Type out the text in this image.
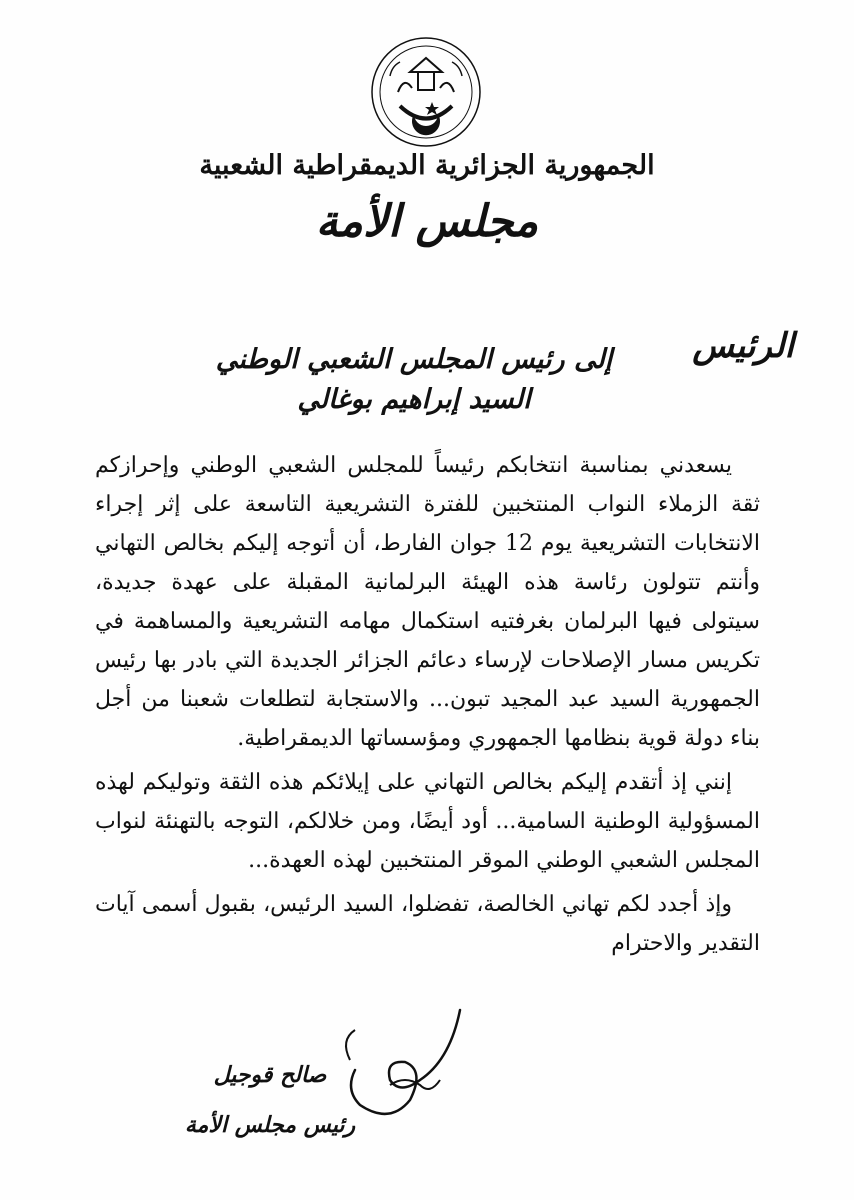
الجمهورية الجزائرية الديمقراطية الشعبية
مجلس الأمة
الرئيس
إلى رئيس المجلس الشعبي الوطني
السيد إبراهيم بوغالي

يسعدني بمناسبة انتخابكم رئيساً للمجلس الشعبي الوطني وإحرازكم ثقة الزملاء النواب المنتخبين للفترة التشريعية التاسعة على إثر إجراء الانتخابات التشريعية يوم 12 جوان الفارط، أن أتوجه إليكم بخالص التهاني وأنتم تتولون رئاسة هذه الهيئة البرلمانية المقبلة على عهدة جديدة، سيتولى فيها البرلمان بغرفتيه استكمال مهامه التشريعية والمساهمة في تكريس مسار الإصلاحات لإرساء دعائم الجزائر الجديدة التي بادر بها رئيس الجمهورية السيد عبد المجيد تبون... والاستجابة لتطلعات شعبنا من أجل بناء دولة قوية بنظامها الجمهوري ومؤسساتها الديمقراطية.

إنني إذ أتقدم إليكم بخالص التهاني على إيلائكم هذه الثقة وتوليكم لهذه المسؤولية الوطنية السامية... أود أيضًا، ومن خلالكم، التوجه بالتهنئة لنواب المجلس الشعبي الوطني الموقر المنتخبين لهذه العهدة...

وإذ أجدد لكم تهاني الخالصة، تفضلوا، السيد الرئيس، بقبول أسمى آيات التقدير والاحترام

صالح قوجيل
رئيس مجلس الأمة
